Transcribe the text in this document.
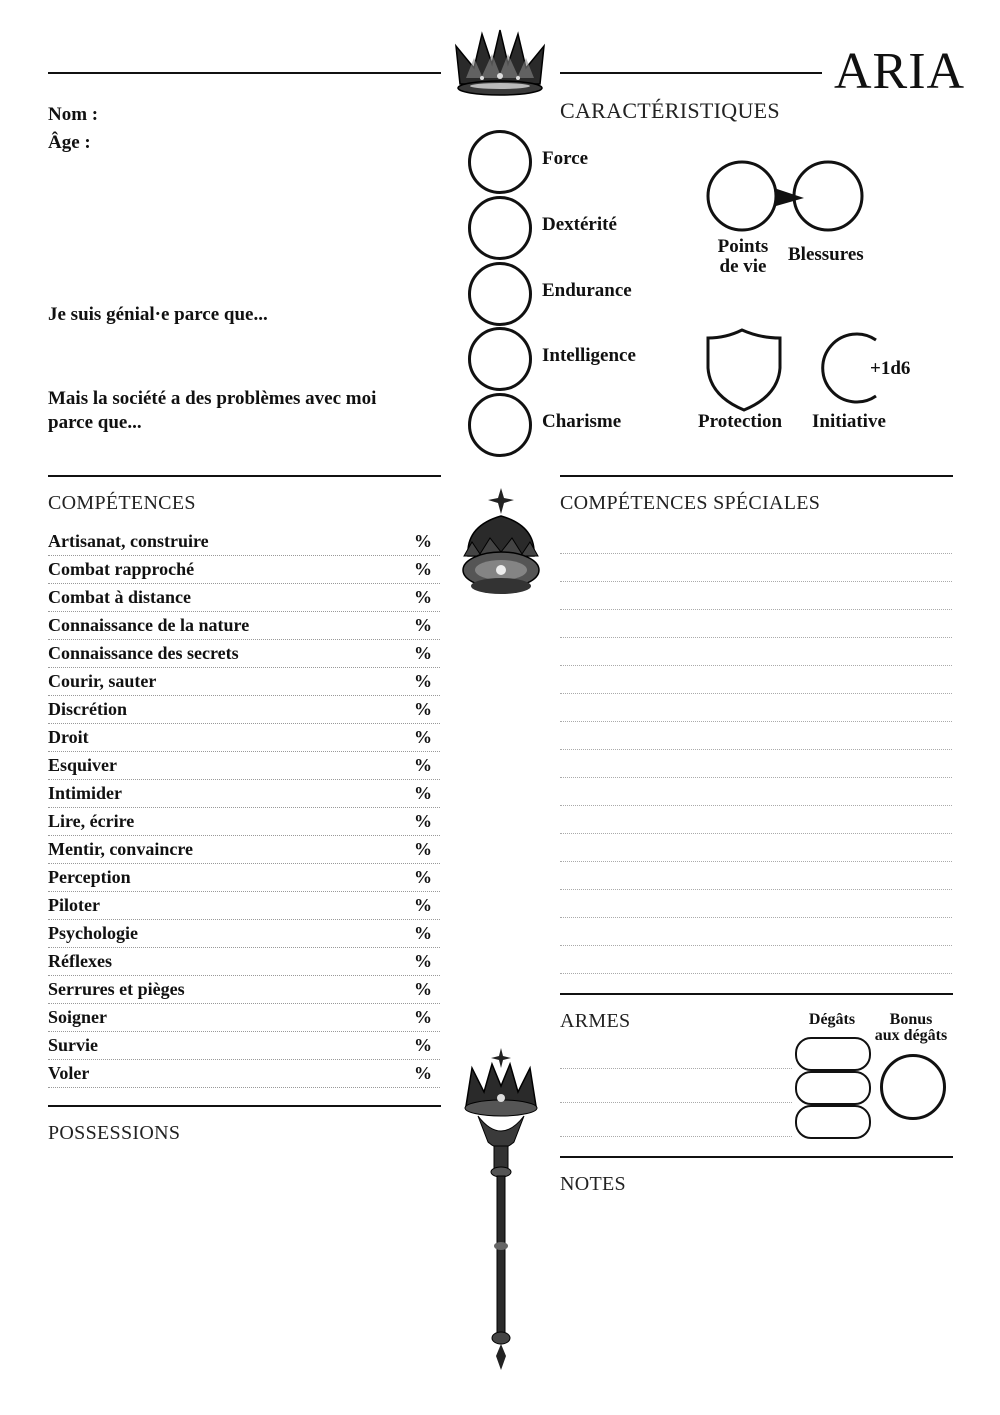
ARIA
Nom :
Âge :
Je suis génial·e parce que...
Mais la société a des problèmes avec moi
parce que...
CARACTÉRISTIQUES
Force
Dextérité
Endurance
Intelligence
Charisme
Points
de vie
Blessures
Protection
+1d6
Initiative
COMPÉTENCES
Artisanat, construire	%
Combat rapproché	%
Combat à distance	%
Connaissance de la nature	%
Connaissance des secrets	%
Courir, sauter	%
Discrétion	%
Droit	%
Esquiver	%
Intimider	%
Lire, écrire	%
Mentir, convaincre	%
Perception	%
Piloter	%
Psychologie	%
Réflexes	%
Serrures et pièges	%
Soigner	%
Survie	%
Voler	%
COMPÉTENCES SPÉCIALES
ARMES	Dégâts	Bonus
aux dégâts
POSSESSIONS
NOTES
